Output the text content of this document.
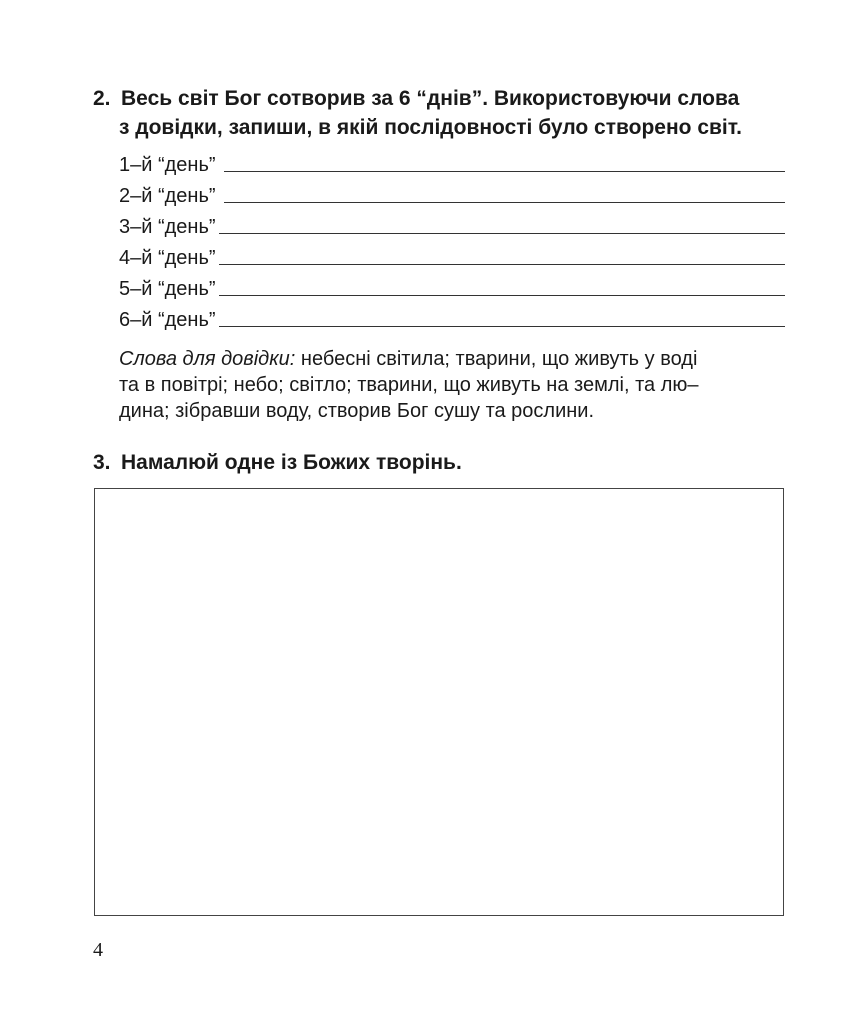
2. Весь світ Бог сотворив за 6 “днів”. Використовуючи слова
з довідки, запиши, в якій послідовності було створено світ.

1–й “день”
2–й “день”
3–й “день”
4–й “день”
5–й “день”
6–й “день”
Слова для довідки: небесні світила; тварини, що живуть у воді
та в повітрі; небо; світло; тварини, що живуть на землі, та лю–
дина; зібравши воду, створив Бог сушу та рослини.

3. Намалюй одне із Божих творінь.

4
